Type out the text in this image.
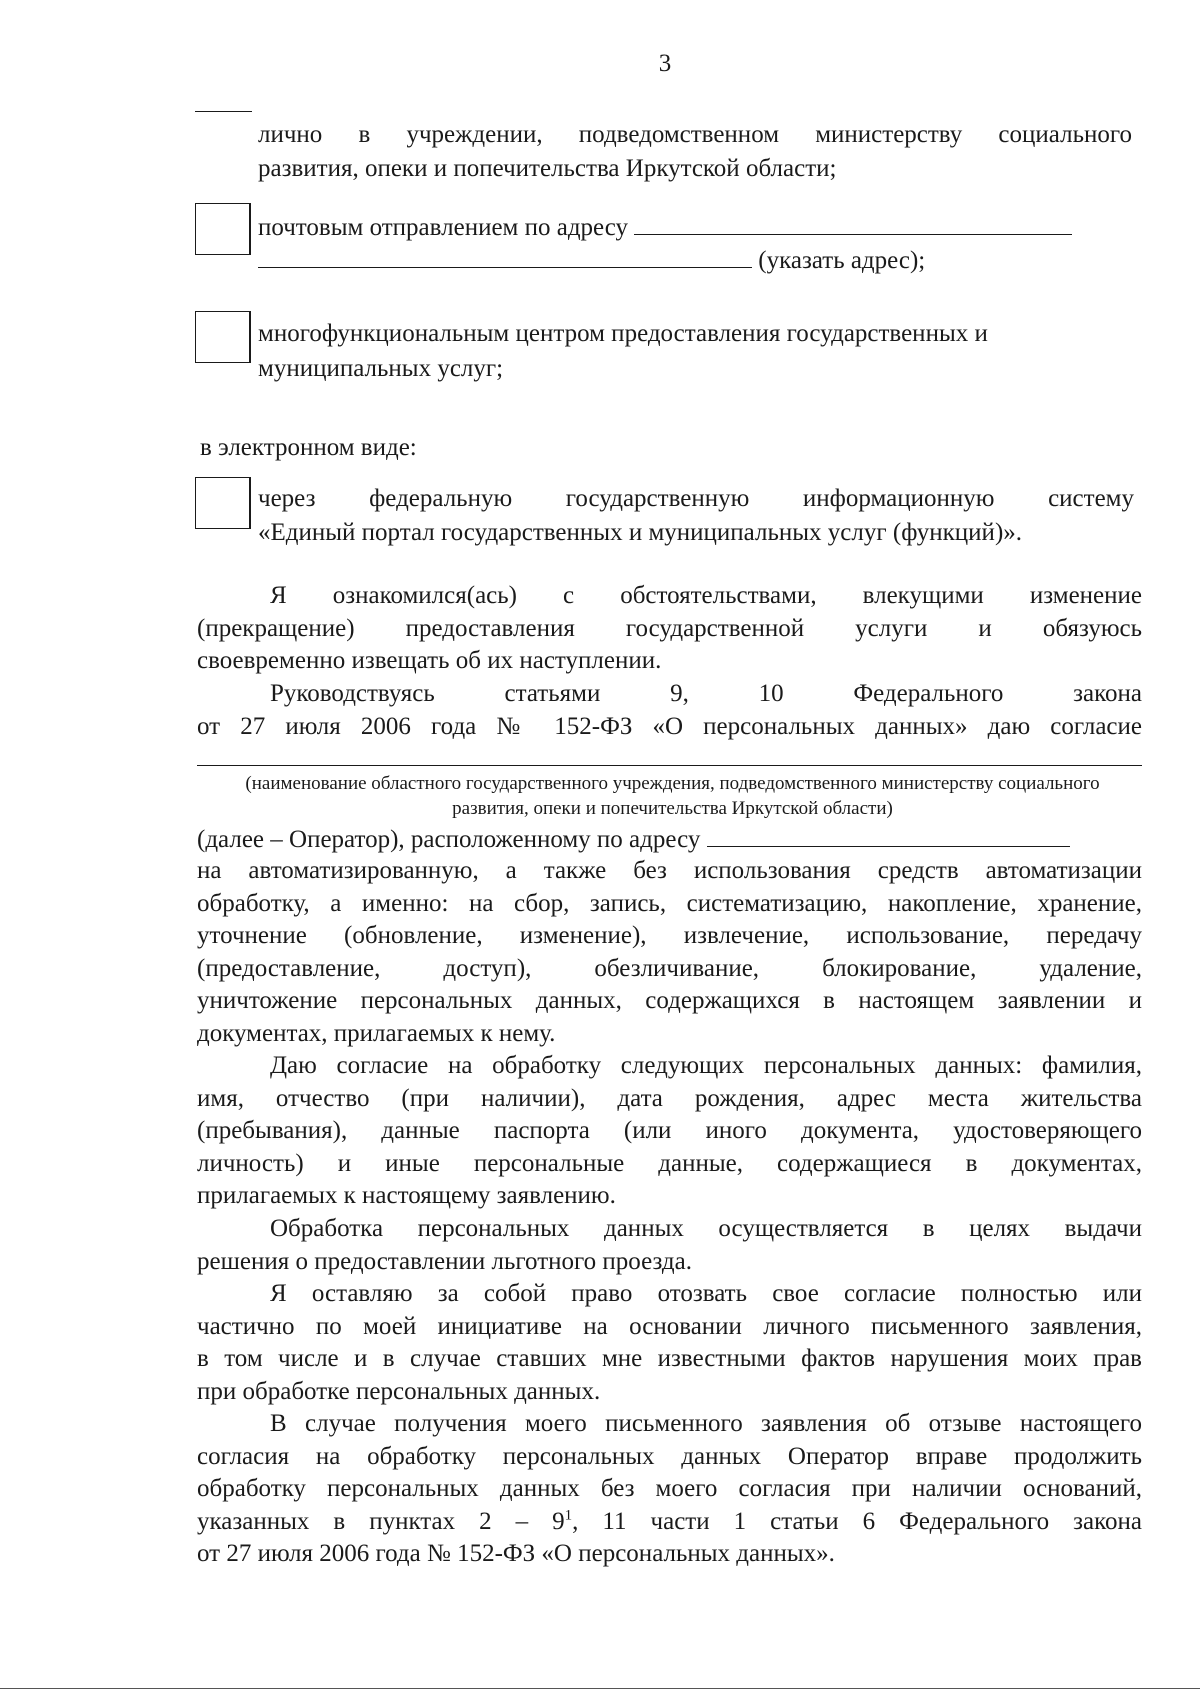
3
лично в учреждении, подведомственном министерству социального
развития, опеки и попечительства Иркутской области;
почтовым отправлением по адресу
(указать адрес);
многофункциональным центром предоставления государственных и
муниципальных услуг;
в электронном виде:
через федеральную государственную информационную систему
«Единый портал государственных и муниципальных услуг (функций)».
Я ознакомился(ась) с обстоятельствами, влекущими изменение
(прекращение) предоставления государственной услуги и обязуюсь
своевременно извещать об их наступлении.
Руководствуясь статьями 9, 10 Федерального закона
от 27 июля 2006 года № 152-ФЗ «О персональных данных» даю согласие
(наименование областного государственного учреждения, подведомственного министерству социального развития, опеки и попечительства Иркутской области)
(далее – Оператор), расположенному по адресу
на автоматизированную, а также без использования средств автоматизации
обработку, а именно: на сбор, запись, систематизацию, накопление, хранение,
уточнение (обновление, изменение), извлечение, использование, передачу
(предоставление, доступ), обезличивание, блокирование, удаление,
уничтожение персональных данных, содержащихся в настоящем заявлении и
документах, прилагаемых к нему.
Даю согласие на обработку следующих персональных данных: фамилия,
имя, отчество (при наличии), дата рождения, адрес места жительства
(пребывания), данные паспорта (или иного документа, удостоверяющего
личность) и иные персональные данные, содержащиеся в документах,
прилагаемых к настоящему заявлению.
Обработка персональных данных осуществляется в целях выдачи
решения о предоставлении льготного проезда.
Я оставляю за собой право отозвать свое согласие полностью или
частично по моей инициативе на основании личного письменного заявления,
в том числе и в случае ставших мне известными фактов нарушения моих прав
при обработке персональных данных.
В случае получения моего письменного заявления об отзыве настоящего
согласия на обработку персональных данных Оператор вправе продолжить
обработку персональных данных без моего согласия при наличии оснований,
указанных в пунктах $2 - 9^1$, 11 части 1 статьи 6 Федерального закона
от 27 июля 2006 года № 152-ФЗ «О персональных данных».
